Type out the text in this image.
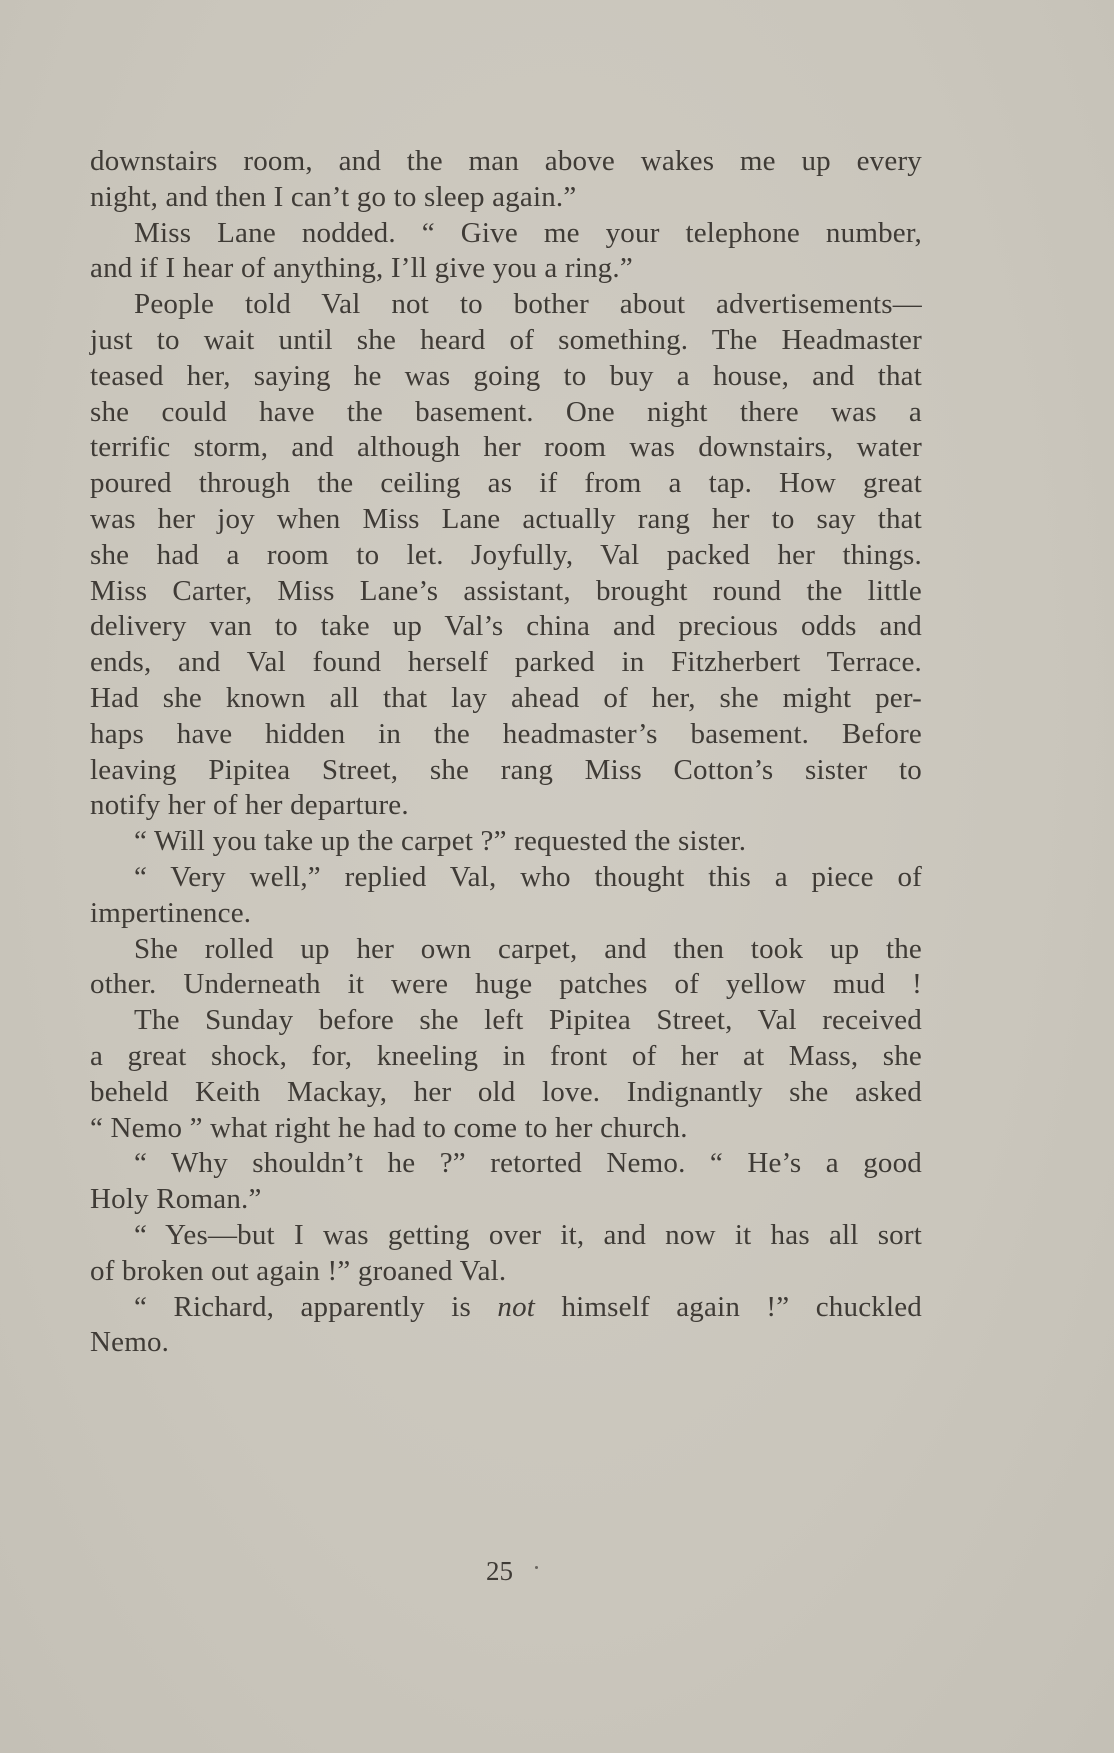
downstairs room, and the man above wakes me up every
night, and then I can’t go to sleep again.”
Miss Lane nodded. “ Give me your telephone number,
and if I hear of anything, I’ll give you a ring.”
People told Val not to bother about advertisements—
just to wait until she heard of something. The Headmaster
teased her, saying he was going to buy a house, and that
she could have the basement. One night there was a
terrific storm, and although her room was downstairs, water
poured through the ceiling as if from a tap. How great
was her joy when Miss Lane actually rang her to say that
she had a room to let. Joyfully, Val packed her things.
Miss Carter, Miss Lane’s assistant, brought round the little
delivery van to take up Val’s china and precious odds and
ends, and Val found herself parked in Fitzherbert Terrace.
Had she known all that lay ahead of her, she might per-
haps have hidden in the headmaster’s basement. Before
leaving Pipitea Street, she rang Miss Cotton’s sister to
notify her of her departure.
“ Will you take up the carpet ?” requested the sister.
“ Very well,” replied Val, who thought this a piece of
impertinence.
She rolled up her own carpet, and then took up the
other. Underneath it were huge patches of yellow mud !
The Sunday before she left Pipitea Street, Val received
a great shock, for, kneeling in front of her at Mass, she
beheld Keith Mackay, her old love. Indignantly she asked
“ Nemo ” what right he had to come to her church.
“ Why shouldn’t he ?” retorted Nemo. “ He’s a good
Holy Roman.”
“ Yes—but I was getting over it, and now it has all sort
of broken out again !” groaned Val.
“ Richard, apparently is not himself again !” chuckled
Nemo.
25
